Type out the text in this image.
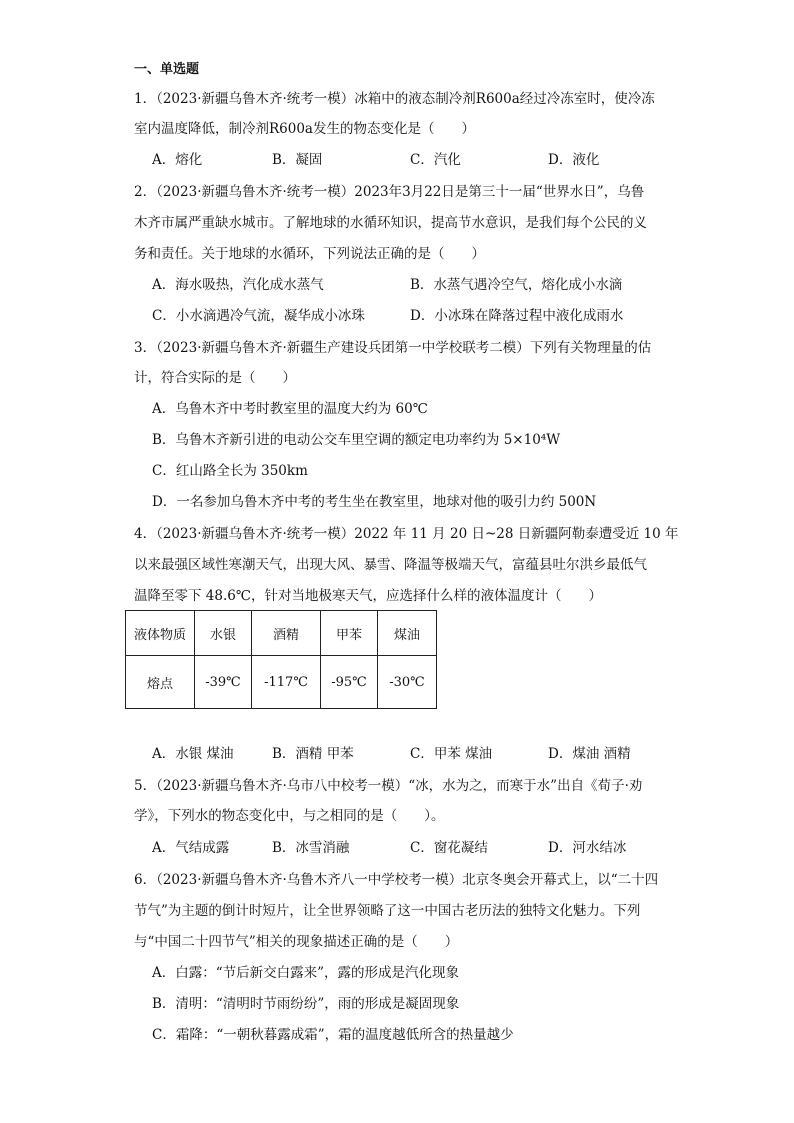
一、单选题
1．（2023·新疆乌鲁木齐·统考一模）冰箱中的液态制冷剂R600a经过冷冻室时，使冷冻
室内温度降低，制冷剂R600a发生的物态变化是（　　）
A．熔化	B．凝固	C．汽化	D．液化
2．（2023·新疆乌鲁木齐·统考一模）2023年3月22日是第三十一届“世界水日”，乌鲁
木齐市属严重缺水城市。了解地球的水循环知识，提高节水意识，是我们每个公民的义
务和责任。关于地球的水循环，下列说法正确的是（　　）
A．海水吸热，汽化成水蒸气	B．水蒸气遇冷空气，熔化成小水滴
C．小水滴遇冷气流，凝华成小冰珠	D．小冰珠在降落过程中液化成雨水
3．（2023·新疆乌鲁木齐·新疆生产建设兵团第一中学校联考二模）下列有关物理量的估
计，符合实际的是（　　）
A．乌鲁木齐中考时教室里的温度大约为 60℃
B．乌鲁木齐新引进的电动公交车里空调的额定电功率约为 5×10⁴W
C．红山路全长为 350km
D．一名参加乌鲁木齐中考的考生坐在教室里，地球对他的吸引力约 500N
4．（2023·新疆乌鲁木齐·统考一模）2022 年 11 月 20 日~28 日新疆阿勒泰遭受近 10 年
以来最强区域性寒潮天气，出现大风、暴雪、降温等极端天气，富蕴县吐尔洪乡最低气
温降至零下 48.6℃，针对当地极寒天气，应选择什么样的液体温度计（　　）
液体物质	水银	酒精	甲苯	煤油
熔点	-39℃	-117℃	-95℃	-30℃
A．水银 煤油	B．酒精 甲苯	C．甲苯 煤油	D．煤油 酒精
5．（2023·新疆乌鲁木齐·乌市八中校考一模）“冰，水为之，而寒于水”出自《荀子·劝
学》，下列水的物态变化中，与之相同的是（　　）。
A．气结成露	B．冰雪消融	C．窗花凝结	D．河水结冰
6．（2023·新疆乌鲁木齐·乌鲁木齐八一中学校考一模）北京冬奥会开幕式上，以“二十四
节气”为主题的倒计时短片，让全世界领略了这一中国古老历法的独特文化魅力。下列
与“中国二十四节气”相关的现象描述正确的是（　　）
A．白露：“节后新交白露来”，露的形成是汽化现象
B．清明：“清明时节雨纷纷”，雨的形成是凝固现象
C．霜降：“一朝秋暮露成霜”，霜的温度越低所含的热量越少
